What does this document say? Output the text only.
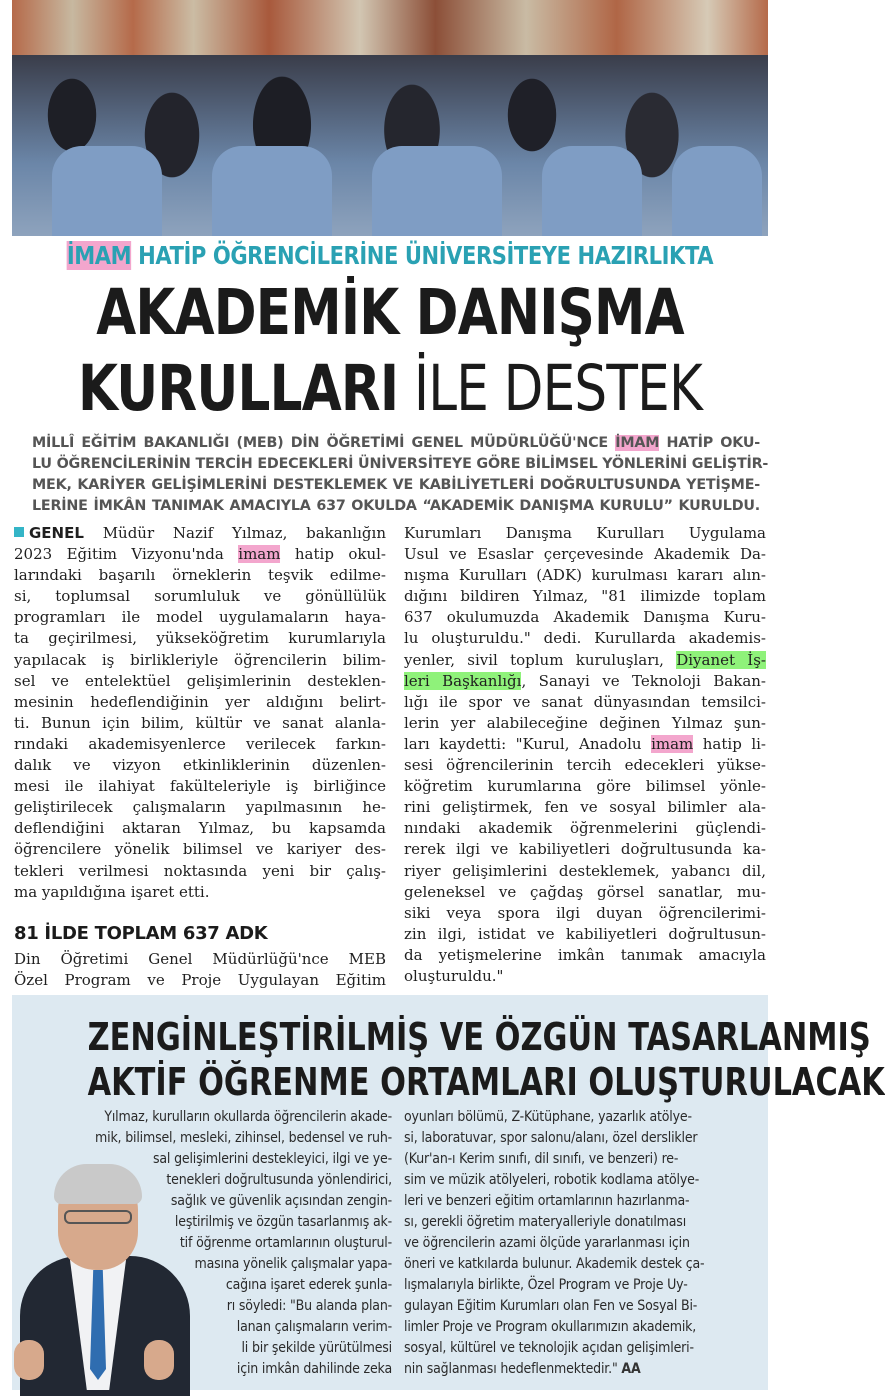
İMAM HATİP ÖĞRENCİLERİNE ÜNİVERSİTEYE HAZIRLIKTA
AKADEMİK DANIŞMA
KURULLARI İLE DESTEK
MİLLÎ EĞİTİM BAKANLIĞI (MEB) DİN ÖĞRETİMİ GENEL MÜDÜRLÜĞÜ'NCE İMAM HATİP OKU-
LU ÖĞRENCİLERİNİN TERCİH EDECEKLERİ ÜNİVERSİTEYE GÖRE BİLİMSEL YÖNLERİNİ GELİŞTİR-
MEK, KARİYER GELİŞİMLERİNİ DESTEKLEMEK VE KABİLİYETLERİ DOĞRULTUSUNDA YETİŞME-
LERİNE İMKÂN TANIMAK AMACIYLA 637 OKULDA “AKADEMİK DANIŞMA KURULU” KURULDU.
GENEL Müdür Nazif Yılmaz, bakanlığın
2023 Eğitim Vizyonu'nda imam hatip okul-
larındaki başarılı örneklerin teşvik edilme-
si, toplumsal sorumluluk ve gönüllülük
programları ile model uygulamaların haya-
ta geçirilmesi, yükseköğretim kurumlarıyla
yapılacak iş birlikleriyle öğrencilerin bilim-
sel ve entelektüel gelişimlerinin desteklen-
mesinin hedeflendiğinin yer aldığını belirt-
ti. Bunun için bilim, kültür ve sanat alanla-
rındaki akademisyenlerce verilecek farkın-
dalık ve vizyon etkinliklerinin düzenlen-
mesi ile ilahiyat fakülteleriyle iş birliğince
geliştirilecek çalışmaların yapılmasının he-
deflendiğini aktaran Yılmaz, bu kapsamda
öğrencilere yönelik bilimsel ve kariyer des-
tekleri verilmesi noktasında yeni bir çalış-
ma yapıldığına işaret etti.
81 İLDE TOPLAM 637 ADK
Din Öğretimi Genel Müdürlüğü'nce MEB
Özel Program ve Proje Uygulayan Eğitim
Kurumları Danışma Kurulları Uygulama
Usul ve Esaslar çerçevesinde Akademik Da-
nışma Kurulları (ADK) kurulması kararı alın-
dığını bildiren Yılmaz, "81 ilimizde toplam
637 okulumuzda Akademik Danışma Kuru-
lu oluşturuldu." dedi. Kurullarda akademis-
yenler, sivil toplum kuruluşları, Diyanet İş-
leri Başkanlığı, Sanayi ve Teknoloji Bakan-
lığı ile spor ve sanat dünyasından temsilci-
lerin yer alabileceğine değinen Yılmaz şun-
ları kaydetti: "Kurul, Anadolu imam hatip li-
sesi öğrencilerinin tercih edecekleri yükse-
köğretim kurumlarına göre bilimsel yönle-
rini geliştirmek, fen ve sosyal bilimler ala-
nındaki akademik öğrenmelerini güçlendi-
rerek ilgi ve kabiliyetleri doğrultusunda ka-
riyer gelişimlerini desteklemek, yabancı dil,
geleneksel ve çağdaş görsel sanatlar, mu-
siki veya spora ilgi duyan öğrencilerimi-
zin ilgi, istidat ve kabiliyetleri doğrultusun-
da yetişmelerine imkân tanımak amacıyla
oluşturuldu."
ZENGİNLEŞTİRİLMİŞ VE ÖZGÜN TASARLANMIŞ
AKTİF ÖĞRENME ORTAMLARI OLUŞTURULACAK
Yılmaz, kurulların okullarda öğrencilerin akade-
mik, bilimsel, mesleki, zihinsel, bedensel ve ruh-
sal gelişimlerini destekleyici, ilgi ve ye-
tenekleri doğrultusunda yönlendirici,
sağlık ve güvenlik açısından zengin-
leştirilmiş ve özgün tasarlanmış ak-
tif öğrenme ortamlarının oluşturul-
masına yönelik çalışmalar yapa-
cağına işaret ederek şunla-
rı söyledi: "Bu alanda plan-
lanan çalışmaların verim-
li bir şekilde yürütülmesi
için imkân dahilinde zeka
oyunları bölümü, Z-Kütüphane, yazarlık atölye-
si, laboratuvar, spor salonu/alanı, özel derslikler
(Kur'an-ı Kerim sınıfı, dil sınıfı, ve benzeri) re-
sim ve müzik atölyeleri, robotik kodlama atölye-
leri ve benzeri eğitim ortamlarının hazırlanma-
sı, gerekli öğretim materyalleriyle donatılması
ve öğrencilerin azami ölçüde yararlanması için
öneri ve katkılarda bulunur. Akademik destek ça-
lışmalarıyla birlikte, Özel Program ve Proje Uy-
gulayan Eğitim Kurumları olan Fen ve Sosyal Bi-
limler Proje ve Program okullarımızın akademik,
sosyal, kültürel ve teknolojik açıdan gelişimleri-
nin sağlanması hedeflenmektedir." AA
